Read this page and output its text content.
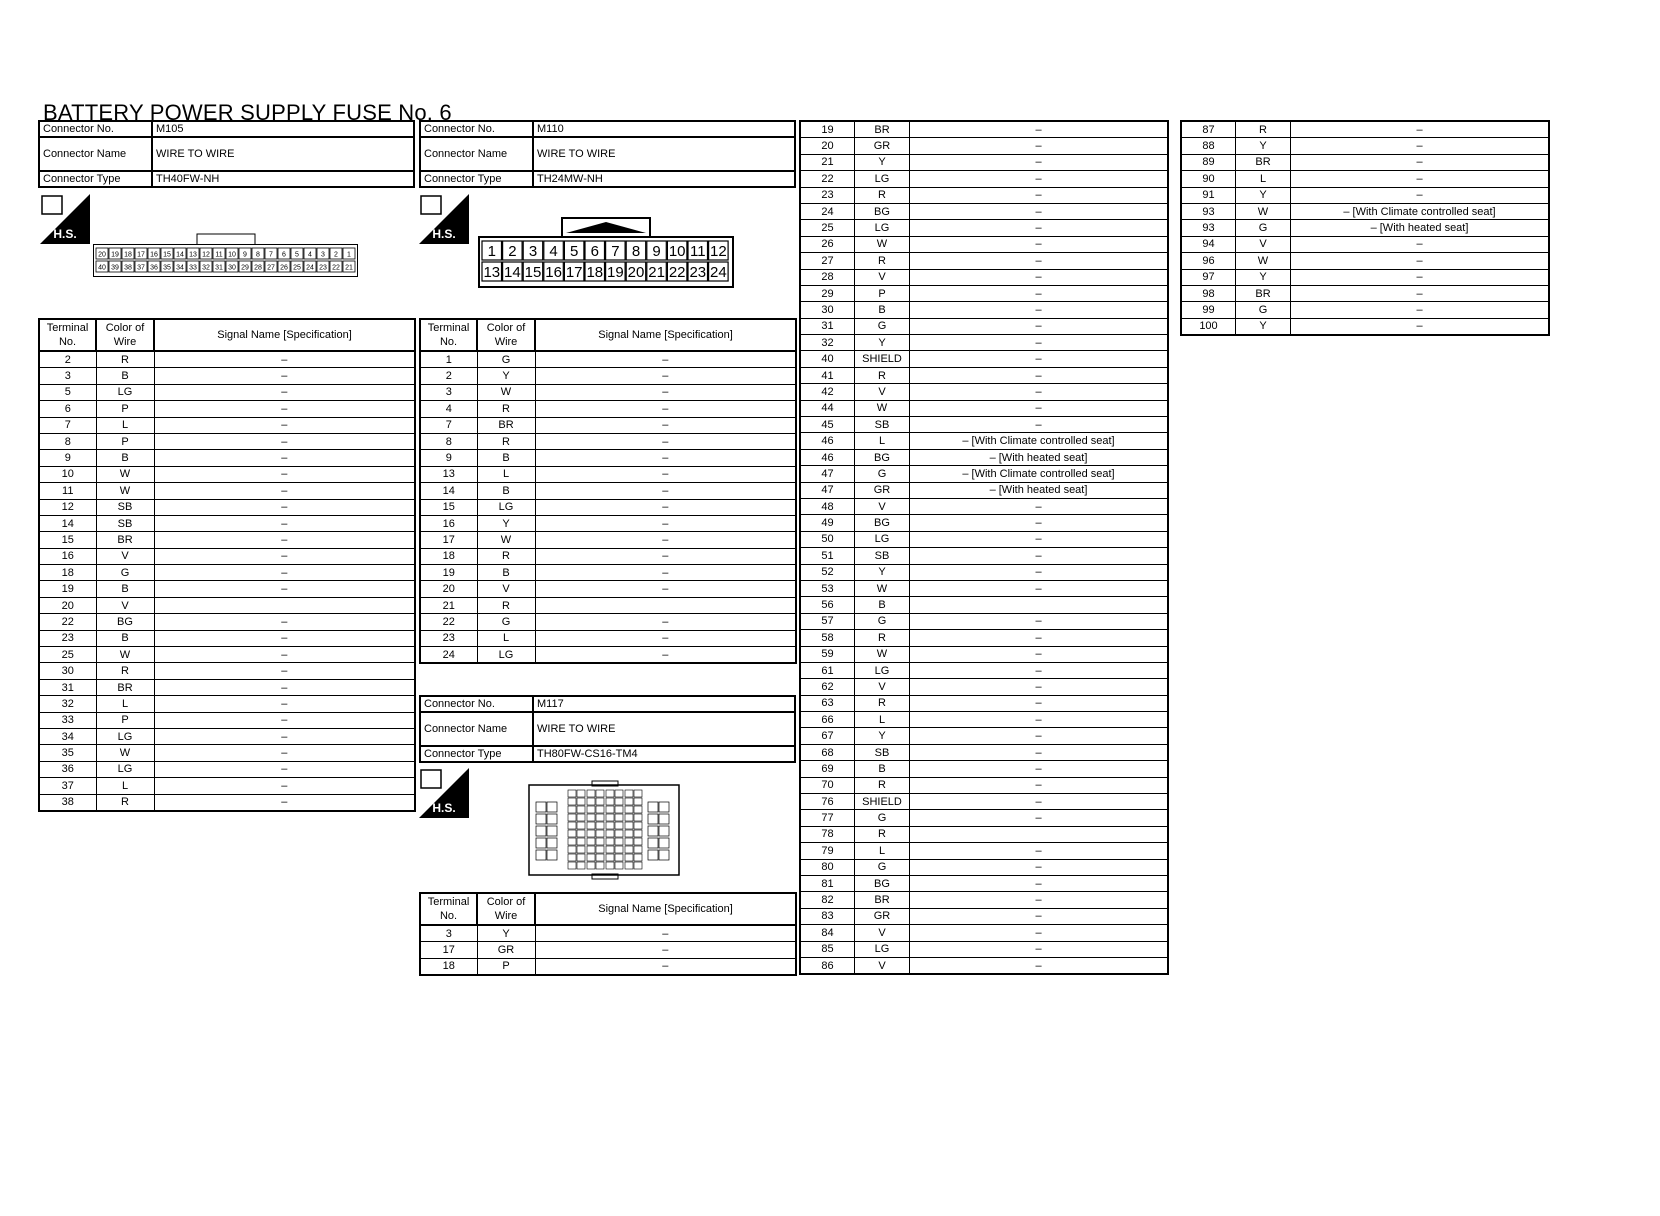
BATTERY POWER SUPPLY FUSE No. 6
Connector No.	M105
Connector Name	WIRE TO WIRE
Connector Type	TH40FW-NH
H.S.
20 19 18 17 16 15 14 13 12 11 10 9 8 7 6 5 4 3 2 1
40 39 38 37 36 35 34 33 32 31 30 29 28 27 26 25 24 23 22 21
Terminal No.	Color of Wire	Signal Name [Specification]
2	R	–
3	B	–
5	LG	–
6	P	–
7	L	–
8	P	–
9	B	–
10	W	–
11	W	–
12	SB	–
14	SB	–
15	BR	–
16	V	–
18	G	–
19	B	–
20	V	
22	BG	–
23	B	–
25	W	–
30	R	–
31	BR	–
32	L	–
33	P	–
34	LG	–
35	W	–
36	LG	–
37	L	–
38	R	–
Connector No.	M110
Connector Name	WIRE TO WIRE
Connector Type	TH24MW-NH
H.S.
1 2 3 4 5 6 7 8 9 10 11 12
13 14 15 16 17 18 19 20 21 22 23 24
Terminal No.	Color of Wire	Signal Name [Specification]
1	G	–
2	Y	–
3	W	–
4	R	–
7	BR	–
8	R	–
9	B	–
13	L	–
14	B	–
15	LG	–
16	Y	–
17	W	–
18	R	–
19	B	–
20	V	–
21	R	
22	G	–
23	L	–
24	LG	–
Connector No.	M117
Connector Name	WIRE TO WIRE
Connector Type	TH80FW-CS16-TM4
H.S.
Terminal No.	Color of Wire	Signal Name [Specification]
3	Y	–
17	GR	–
18	P	–
19	BR	–
20	GR	–
21	Y	–
22	LG	–
23	R	–
24	BG	–
25	LG	–
26	W	–
27	R	–
28	V	–
29	P	–
30	B	–
31	G	–
32	Y	–
40	SHIELD	–
41	R	–
42	V	–
44	W	–
45	SB	–
46	L	– [With Climate controlled seat]
46	BG	– [With heated seat]
47	G	– [With Climate controlled seat]
47	GR	– [With heated seat]
48	V	–
49	BG	–
50	LG	–
51	SB	–
52	Y	–
53	W	–
56	B	
57	G	–
58	R	–
59	W	–
61	LG	–
62	V	–
63	R	–
66	L	–
67	Y	–
68	SB	–
69	B	–
70	R	–
76	SHIELD	–
77	G	–
78	R	
79	L	–
80	G	–
81	BG	–
82	BR	–
83	GR	–
84	V	–
85	LG	–
86	V	–
87	R	–
88	Y	–
89	BR	–
90	L	–
91	Y	–
93	W	– [With Climate controlled seat]
93	G	– [With heated seat]
94	V	–
96	W	–
97	Y	–
98	BR	–
99	G	–
100	Y	–
